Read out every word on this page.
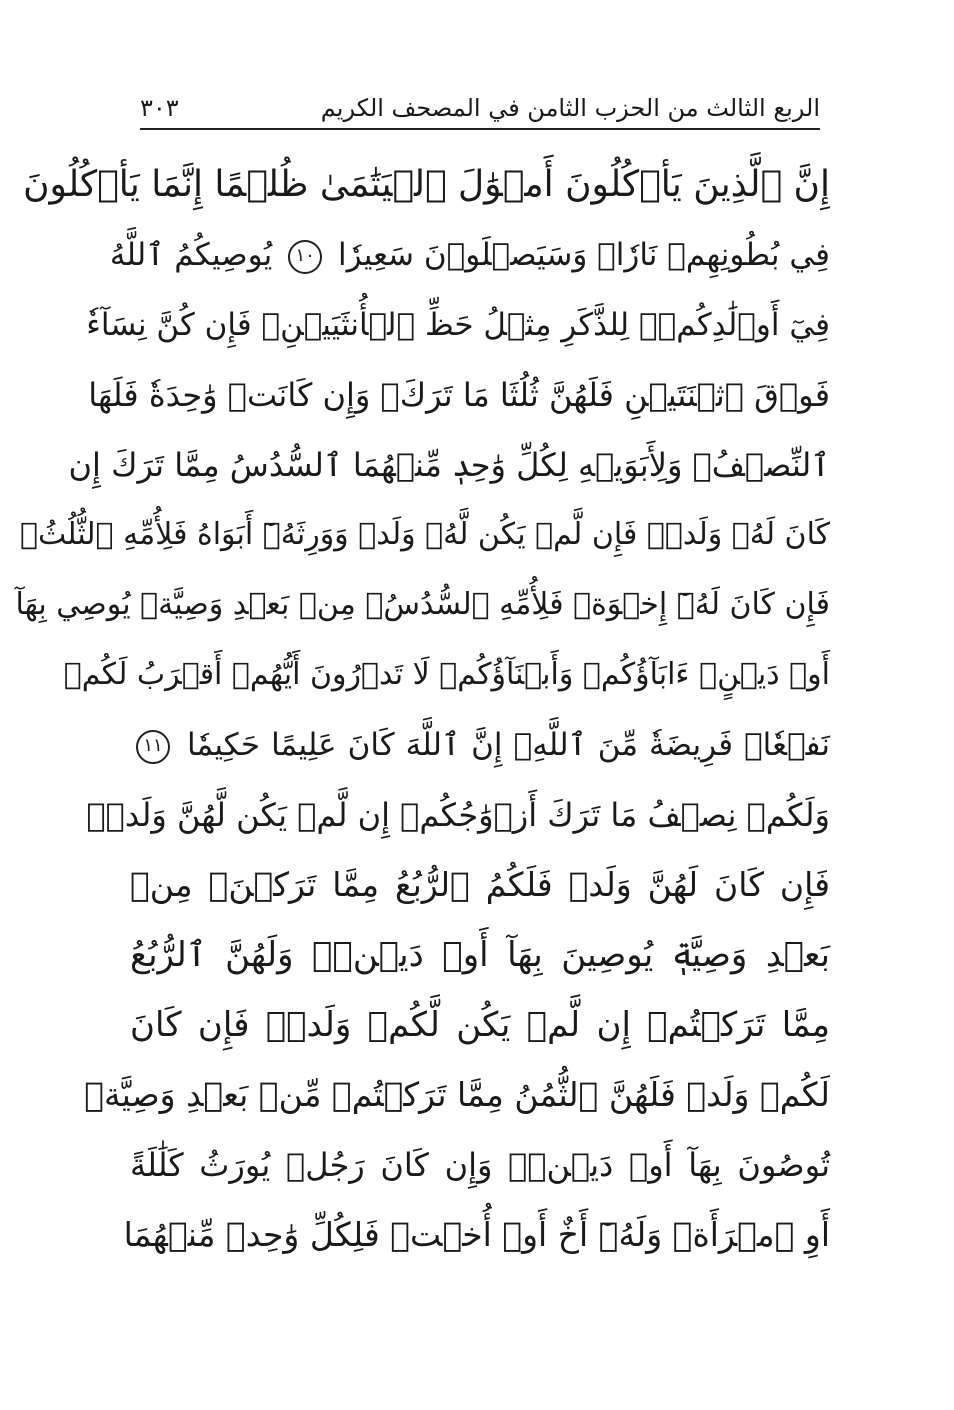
الربع الثالث من الحزب الثامن في المصحف الكريم
٣٠٣
إِنَّ ٱلَّذِينَ يَأۡكُلُونَ أَمۡوَٰلَ ٱلۡيَتَٰمَىٰ ظُلۡمًا إِنَّمَا يَأۡكُلُونَ
فِي بُطُونِهِمۡ نَارٗاۖ وَسَيَصۡلَوۡنَ سَعِيرٗا ١٠ يُوصِيكُمُ ٱللَّهُ
فِيٓ أَوۡلَٰدِكُمۡۖ لِلذَّكَرِ مِثۡلُ حَظِّ ٱلۡأُنثَيَيۡنِۚ فَإِن كُنَّ نِسَآءٗ
فَوۡقَ ٱثۡنَتَيۡنِ فَلَهُنَّ ثُلُثَا مَا تَرَكَۖ وَإِن كَانَتۡ وَٰحِدَةٗ فَلَهَا
ٱلنِّصۡفُۚ وَلِأَبَوَيۡهِ لِكُلِّ وَٰحِدٖ مِّنۡهُمَا ٱلسُّدُسُ مِمَّا تَرَكَ إِن
كَانَ لَهُۥ وَلَدٞۚ فَإِن لَّمۡ يَكُن لَّهُۥ وَلَدٞ وَوَرِثَهُۥٓ أَبَوَاهُ فَلِأُمِّهِ ٱلثُّلُثُۚ
فَإِن كَانَ لَهُۥٓ إِخۡوَةٞ فَلِأُمِّهِ ٱلسُّدُسُۚ مِنۢ بَعۡدِ وَصِيَّةٖ يُوصِي بِهَآ
أَوۡ دَيۡنٍۗ ءَابَآؤُكُمۡ وَأَبۡنَآؤُكُمۡ لَا تَدۡرُونَ أَيُّهُمۡ أَقۡرَبُ لَكُمۡ
نَفۡعٗاۚ فَرِيضَةٗ مِّنَ ٱللَّهِۗ إِنَّ ٱللَّهَ كَانَ عَلِيمًا حَكِيمٗا ١١
وَلَكُمۡ نِصۡفُ مَا تَرَكَ أَزۡوَٰجُكُمۡ إِن لَّمۡ يَكُن لَّهُنَّ وَلَدٞۚ
فَإِن كَانَ لَهُنَّ وَلَدٞ فَلَكُمُ ٱلرُّبُعُ مِمَّا تَرَكۡنَۚ مِنۢ
بَعۡدِ وَصِيَّةٖ يُوصِينَ بِهَآ أَوۡ دَيۡنٖۚ وَلَهُنَّ ٱلرُّبُعُ
مِمَّا تَرَكۡتُمۡ إِن لَّمۡ يَكُن لَّكُمۡ وَلَدٞۚ فَإِن كَانَ
لَكُمۡ وَلَدٞ فَلَهُنَّ ٱلثُّمُنُ مِمَّا تَرَكۡتُمۚ مِّنۢ بَعۡدِ وَصِيَّةٖ
تُوصُونَ بِهَآ أَوۡ دَيۡنٖۗ وَإِن كَانَ رَجُلٞ يُورَثُ كَلَٰلَةً
أَوِ ٱمۡرَأَةٞ وَلَهُۥٓ أَخٌ أَوۡ أُخۡتٞ فَلِكُلِّ وَٰحِدٖ مِّنۡهُمَا
